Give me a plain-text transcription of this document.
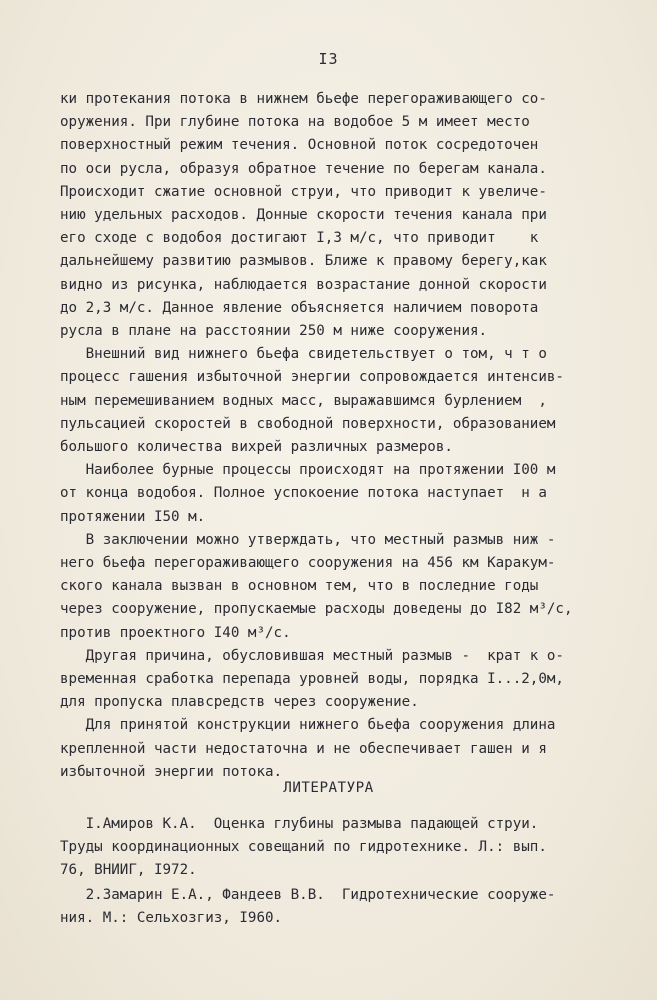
I3

ки протекания потока в нижнем бьефе перегораживающего со-
оружения. При глубине потока на водобое 5 м имеет место
поверхностный режим течения. Основной поток сосредоточен
по оси русла, образуя обратное течение по берегам канала.
Происходит сжатие основной струи, что приводит к увеличе-
нию удельных расходов. Донные скорости течения канала при
его сходе с водобоя достигают I,3 м/с, что приводит    к
дальнейшему развитию размывов. Ближе к правому берегу,как
видно из рисунка, наблюдается возрастание донной скорости
до 2,3 м/с. Данное явление объясняется наличием поворота
русла в плане на расстоянии 250 м ниже сооружения.

Внешний вид нижнего бьефа свидетельствует о том, ч т о
процесс гашения избыточной энергии сопровождается интенсив-
ным перемешиванием водных масс, выражавшимся бурлением  ,
пульсацией скоростей в свободной поверхности, образованием
большого количества вихрей различных размеров.

Наиболее бурные процессы происходят на протяжении I00 м
от конца водобоя. Полное успокоение потока наступает  н а
протяжении I50 м.

В заключении можно утверждать, что местный размыв ниж -
него бьефа перегораживающего сооружения на 456 км Каракум-
ского канала вызван в основном тем, что в последние годы
через сооружение, пропускаемые расходы доведены до I82 м³/с,
против проектного I40 м³/с.

Другая причина, обусловившая местный размыв -  крат к о-
временная сработка перепада уровней воды, порядка I...2,0м,
для пропуска плавсредств через сооружение.

Для принятой конструкции нижнего бьефа сооружения длина
крепленной части недостаточна и не обеспечивает гашен и я
избыточной энергии потока.

ЛИТЕРАТУРА
I.Амиров К.А.  Оценка глубины размыва падающей струи.
Труды координационных совещаний по гидротехнике. Л.: вып.
76, ВНИИГ, I972.
2.Замарин Е.А., Фандеев В.В.  Гидротехнические сооруже-
ния. М.: Сельхозгиз, I960.
